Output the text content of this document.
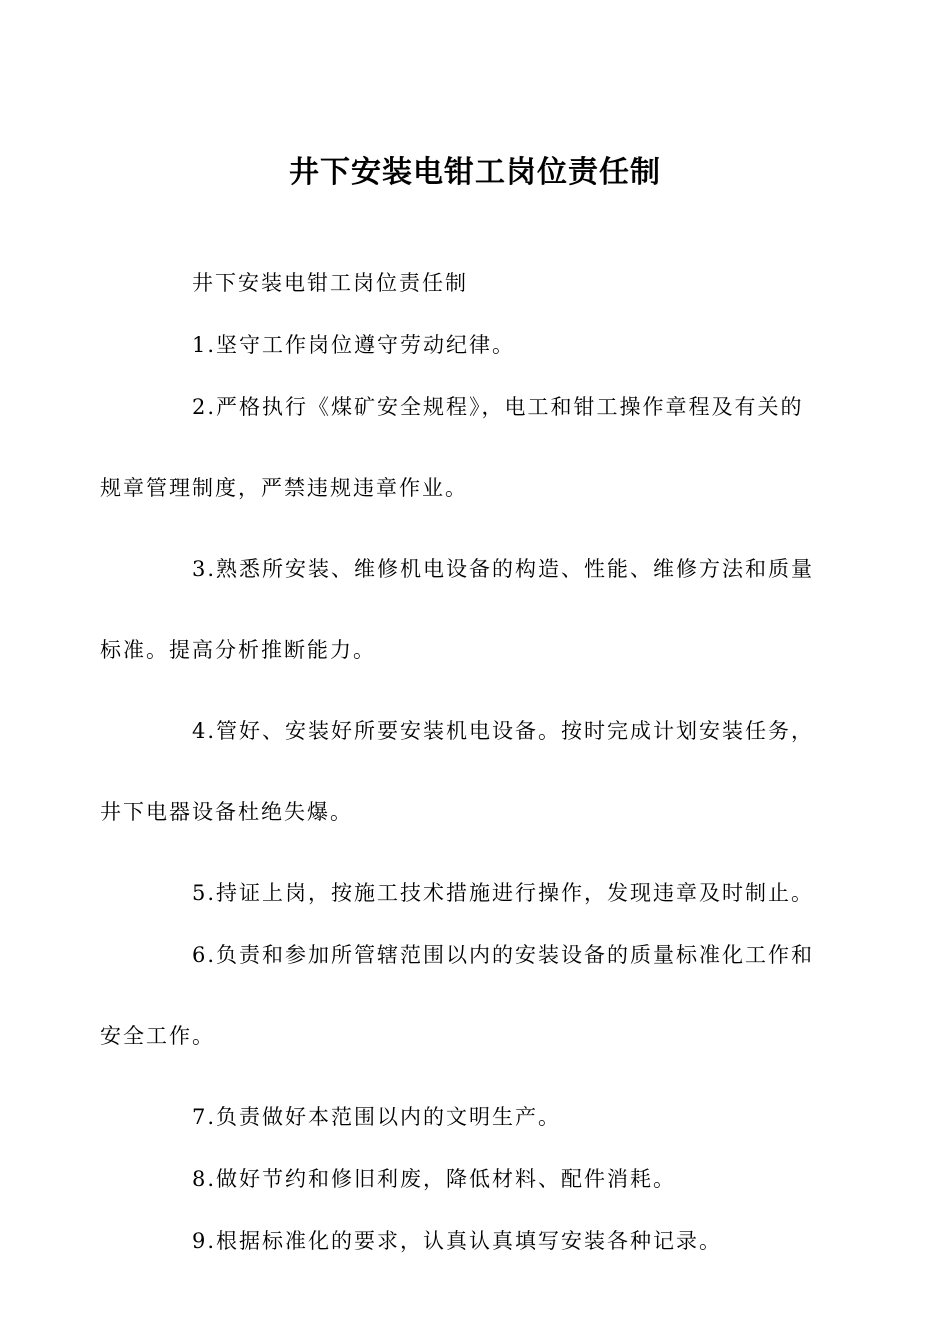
井下安装电钳工岗位责任制

井下安装电钳工岗位责任制

1.坚守工作岗位遵守劳动纪律。

2.严格执行《煤矿安全规程》，电工和钳工操作章程及有关的
规章管理制度，严禁违规违章作业。

3.熟悉所安装、维修机电设备的构造、性能、维修方法和质量
标准。提高分析推断能力。

4.管好、安装好所要安装机电设备。按时完成计划安装任务，
井下电器设备杜绝失爆。

5.持证上岗，按施工技术措施进行操作，发现违章及时制止。

6.负责和参加所管辖范围以内的安装设备的质量标准化工作和
安全工作。

7.负责做好本范围以内的文明生产。

8.做好节约和修旧利废，降低材料、配件消耗。

9.根据标准化的要求，认真认真填写安装各种记录。
